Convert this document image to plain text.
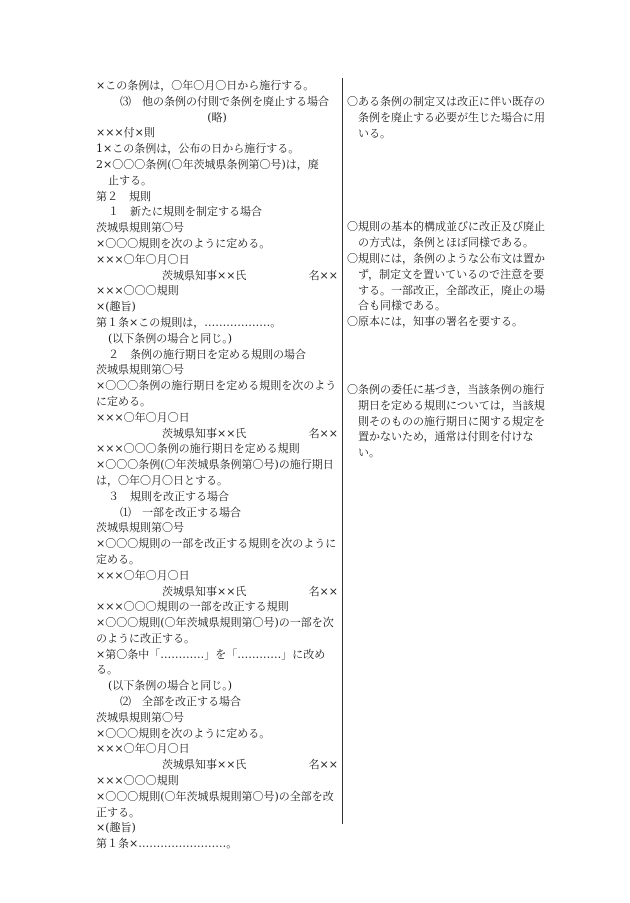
×この条例は，〇年〇月〇日から施行する。
⑶　他の条例の付則で条例を廃止する場合
(略)
×××付×則
1×この条例は，公布の日から施行する。
2×〇〇〇条例(〇年茨城県条例第〇号)は，廃
止する。
第２　規則
１　新たに規則を制定する場合
茨城県規則第〇号
×〇〇〇規則を次のように定める。
×××〇年〇月〇日
茨城県知事××氏	名××
×××〇〇〇規則
×(趣旨)
第１条×この規則は，………………。
(以下条例の場合と同じ。)
２　条例の施行期日を定める規則の場合
茨城県規則第〇号
×〇〇〇条例の施行期日を定める規則を次のように定める。
×××〇年〇月〇日
茨城県知事××氏	名××
×××〇〇〇条例の施行期日を定める規則
×〇〇〇条例(〇年茨城県条例第〇号)の施行期日は，〇年〇月〇日とする。
３　規則を改正する場合
⑴　一部を改正する場合
茨城県規則第〇号
×〇〇〇規則の一部を改正する規則を次のように定める。
×××〇年〇月〇日
茨城県知事××氏	名××
×××〇〇〇規則の一部を改正する規則
×〇〇〇規則(〇年茨城県規則第〇号)の一部を次のように改正する。
×第〇条中「…………」を「…………」に改める。
(以下条例の場合と同じ。)
⑵　全部を改正する場合
茨城県規則第〇号
×〇〇〇規則を次のように定める。
×××〇年〇月〇日
茨城県知事××氏	名××
×××〇〇〇規則
×〇〇〇規則(〇年茨城県規則第〇号)の全部を改正する。
×(趣旨)
第１条×……………………。
〇 ある条例の制定又は改正に伴い既存の条例を廃止する必要が生じた場合に用いる。
〇 規則の基本的構成並びに改正及び廃止の方式は，条例とほぼ同様である。
〇 規則には，条例のような公布文は置かず，制定文を置いているので注意を要する。一部改正，全部改正，廃止の場合も同様である。
〇 原本には，知事の署名を要する。
〇 条例の委任に基づき，当該条例の施行期日を定める規則については，当該規則そのものの施行期日に関する規定を置かないため，通常は付則を付けない。
